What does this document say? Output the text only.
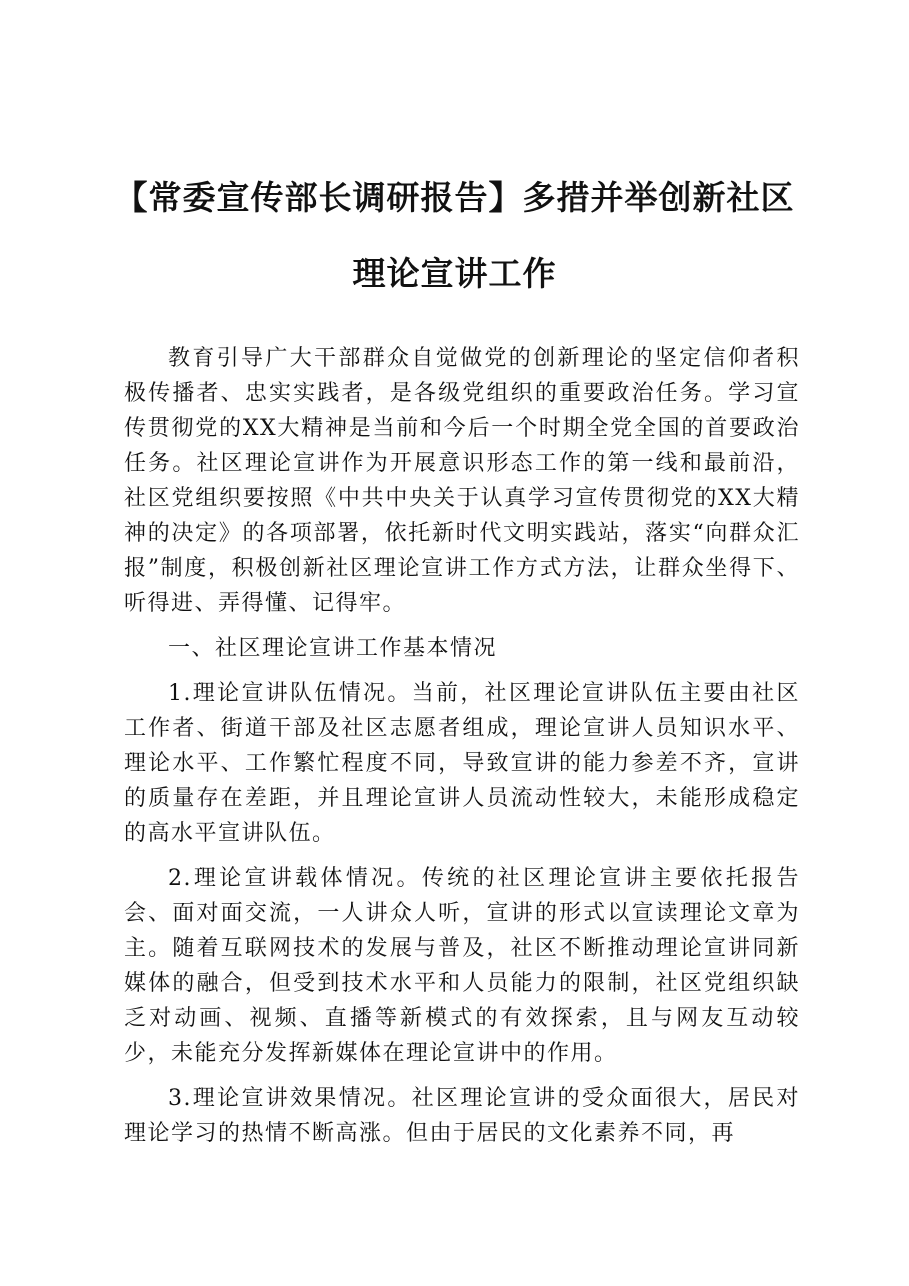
【常委宣传部长调研报告】多措并举创新社区
理论宣讲工作

教育引导广大干部群众自觉做党的创新理论的坚定信仰者积极传播者、忠实实践者，是各级党组织的重要政治任务。学习宣传贯彻党的XX大精神是当前和今后一个时期全党全国的首要政治任务。社区理论宣讲作为开展意识形态工作的第一线和最前沿，社区党组织要按照《中共中央关于认真学习宣传贯彻党的XX大精神的决定》的各项部署，依托新时代文明实践站，落实“向群众汇报”制度，积极创新社区理论宣讲工作方式方法，让群众坐得下、听得进、弄得懂、记得牢。

一、社区理论宣讲工作基本情况

1.理论宣讲队伍情况。当前，社区理论宣讲队伍主要由社区工作者、街道干部及社区志愿者组成，理论宣讲人员知识水平、理论水平、工作繁忙程度不同，导致宣讲的能力参差不齐，宣讲的质量存在差距，并且理论宣讲人员流动性较大，未能形成稳定的高水平宣讲队伍。

2.理论宣讲载体情况。传统的社区理论宣讲主要依托报告会、面对面交流，一人讲众人听，宣讲的形式以宣读理论文章为主。随着互联网技术的发展与普及，社区不断推动理论宣讲同新媒体的融合，但受到技术水平和人员能力的限制，社区党组织缺乏对动画、视频、直播等新模式的有效探索，且与网友互动较少，未能充分发挥新媒体在理论宣讲中的作用。

3.理论宣讲效果情况。社区理论宣讲的受众面很大，居民对理论学习的热情不断高涨。但由于居民的文化素养不同，再
